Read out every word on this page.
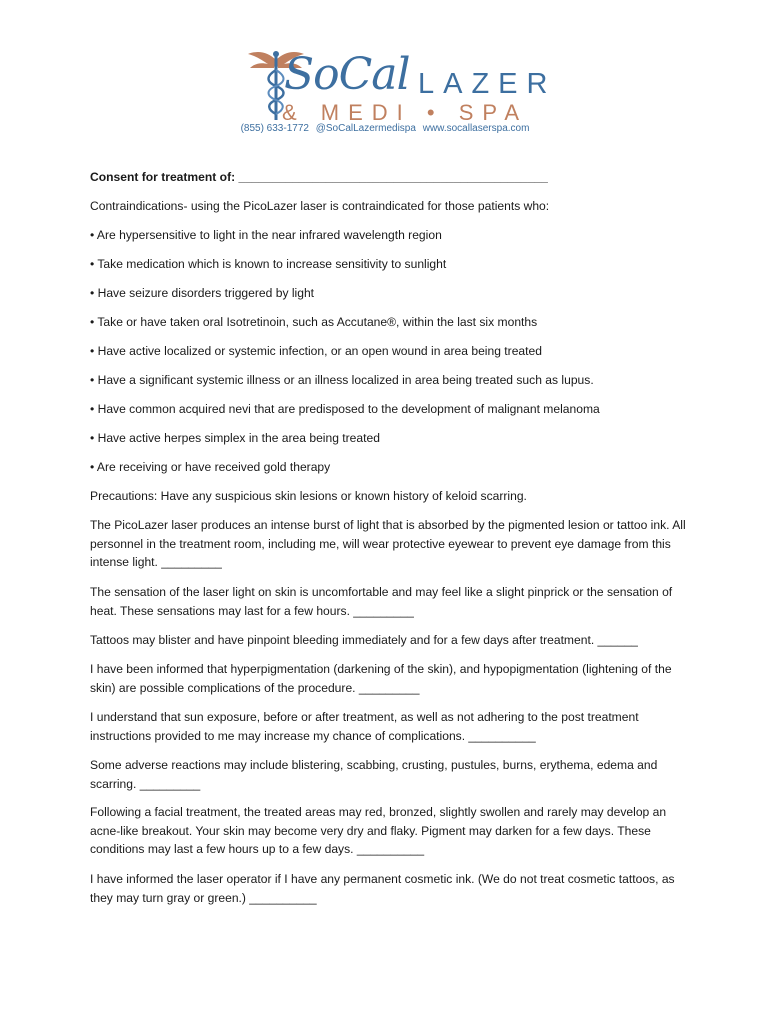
SoCal LAZER
& MEDI • SPA
(855) 633-1772 @SoCalLazermedispa www.socallaserspa.com

Consent for treatment of: ______________________________________________

Contraindications- using the PicoLazer laser is contraindicated for those patients who:

• Are hypersensitive to light in the near infrared wavelength region

• Take medication which is known to increase sensitivity to sunlight

• Have seizure disorders triggered by light

• Take or have taken oral Isotretinoin, such as Accutane®, within the last six months

• Have active localized or systemic infection, or an open wound in area being treated

• Have a significant systemic illness or an illness localized in area being treated such as lupus.

• Have common acquired nevi that are predisposed to the development of malignant melanoma

• Have active herpes simplex in the area being treated

• Are receiving or have received gold therapy

Precautions: Have any suspicious skin lesions or known history of keloid scarring.

The PicoLazer laser produces an intense burst of light that is absorbed by the pigmented lesion or tattoo ink. All personnel in the treatment room, including me, will wear protective eyewear to prevent eye damage from this intense light. _________

The sensation of the laser light on skin is uncomfortable and may feel like a slight pinprick or the sensation of heat. These sensations may last for a few hours. _________

Tattoos may blister and have pinpoint bleeding immediately and for a few days after treatment. ______

I have been informed that hyperpigmentation (darkening of the skin), and hypopigmentation (lightening of the skin) are possible complications of the procedure. _________

I understand that sun exposure, before or after treatment, as well as not adhering to the post treatment instructions provided to me may increase my chance of complications. __________

Some adverse reactions may include blistering, scabbing, crusting, pustules, burns, erythema, edema and scarring. _________

Following a facial treatment, the treated areas may red, bronzed, slightly swollen and rarely may develop an acne-like breakout. Your skin may become very dry and flaky. Pigment may darken for a few days. These conditions may last a few hours up to a few days. __________

I have informed the laser operator if I have any permanent cosmetic ink. (We do not treat cosmetic tattoos, as they may turn gray or green.) __________
